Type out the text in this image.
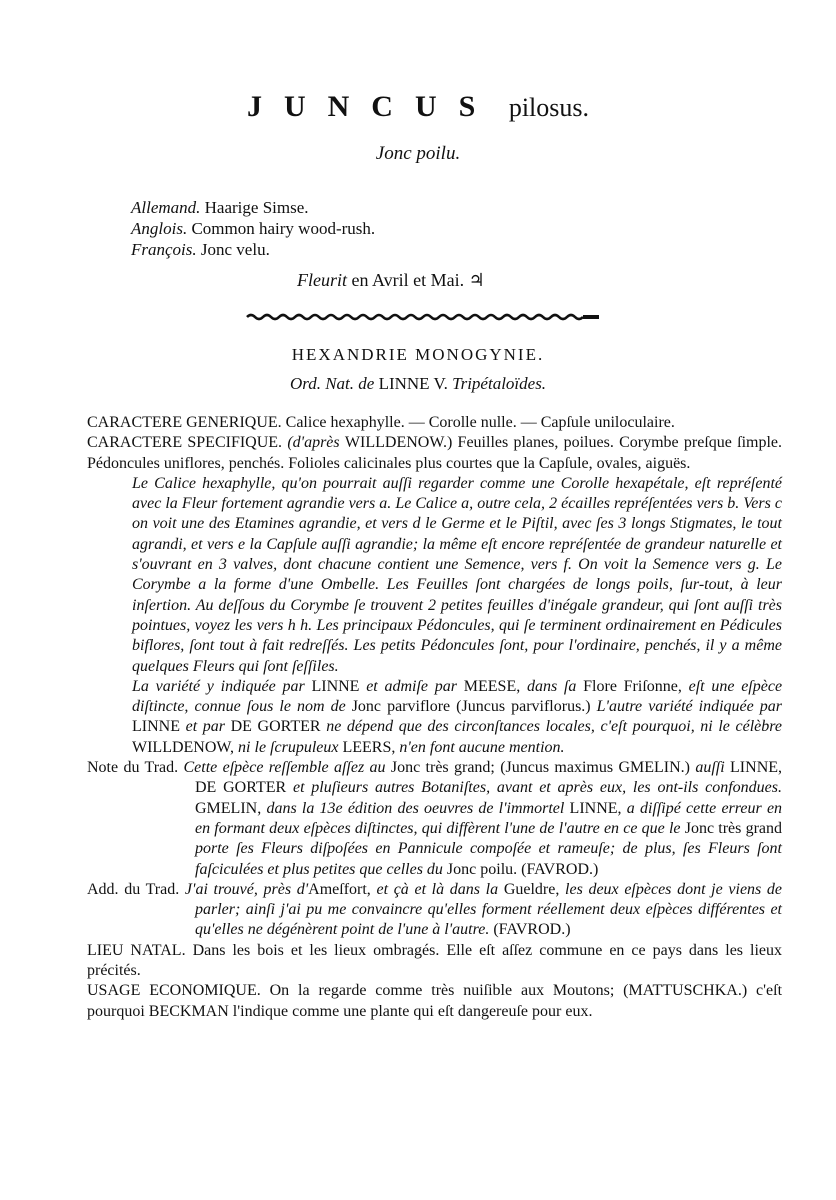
JUNCUS pilosus.
Jonc poilu.
Allemand. Haarige Simse.
Anglois. Common hairy wood-rush.
François. Jonc velu.
Fleurit en Avril et Mai. ♃
HEXANDRIE MONOGYNIE.
Ord. Nat. de LINNE V. Tripétaloïdes.

CARACTERE GENERIQUE. Calice hexaphylle. — Corolle nulle. — Capſule uniloculaire.

CARACTERE SPECIFIQUE. (d'après WILLDENOW.) Feuilles planes, poilues. Corymbe preſque ſimple. Pédoncules uniflores, penchés. Folioles calicinales plus courtes que la Capſule, ovales, aiguës.

Le Calice hexaphylle, qu'on pourrait auſſi regarder comme une Corolle hexapétale, eſt repréſenté avec la Fleur fortement agrandie vers a. Le Calice a, outre cela, 2 écailles repréſentées vers b. Vers c on voit une des Etamines agrandie, et vers d le Germe et le Piſtil, avec ſes 3 longs Stigmates, le tout agrandi, et vers e la Capſule auſſi agrandie; la même eſt encore repréſentée de grandeur naturelle et s'ouvrant en 3 valves, dont chacune contient une Semence, vers f. On voit la Semence vers g. Le Corymbe a la forme d'une Ombelle. Les Feuilles ſont chargées de longs poils, ſur-tout, à leur inſertion. Au deſſous du Corymbe ſe trouvent 2 petites feuilles d'inégale grandeur, qui ſont auſſi très pointues, voyez les vers h h. Les principaux Pédoncules, qui ſe terminent ordinairement en Pédicules biflores, ſont tout à fait redreſſés. Les petits Pédoncules ſont, pour l'ordinaire, penchés, il y a même quelques Fleurs qui ſont ſeſſiles.

La variété y indiquée par LINNE et admiſe par MEESE, dans ſa Flore Friſonne, eſt une eſpèce diſtincte, connue ſous le nom de Jonc parviflore (Juncus parviflorus.) L'autre variété indiquée par LINNE et par DE GORTER ne dépend que des circonſtances locales, c'eſt pourquoi, ni le célèbre WILLDENOW, ni le ſcrupuleux LEERS, n'en font aucune mention.

Note du Trad. Cette eſpèce reſſemble aſſez au Jonc très grand; (Juncus maximus GMELIN.) auſſi LINNE, DE GORTER et pluſieurs autres Botaniſtes, avant et après eux, les ont-ils confondues. GMELIN, dans la 13e édition des oeuvres de l'immortel LINNE, a diſſipé cette erreur en en formant deux eſpèces diſtinctes, qui diffèrent l'une de l'autre en ce que le Jonc très grand porte ſes Fleurs diſpoſées en Pannicule compoſée et rameuſe; de plus, ſes Fleurs ſont faſciculées et plus petites que celles du Jonc poilu. (FAVROD.)

Add. du Trad. J'ai trouvé, près d'Ameſfort, et çà et là dans la Gueldre, les deux eſpèces dont je viens de parler; ainſi j'ai pu me convaincre qu'elles forment réellement deux eſpèces différentes et qu'elles ne dégénèrent point de l'une à l'autre. (FAVROD.)

LIEU NATAL. Dans les bois et les lieux ombragés. Elle eſt aſſez commune en ce pays dans les lieux précités.

USAGE ECONOMIQUE. On la regarde comme très nuiſible aux Moutons; (MATTUSCHKA.) c'eſt pourquoi BECKMAN l'indique comme une plante qui eſt dangereuſe pour eux.
